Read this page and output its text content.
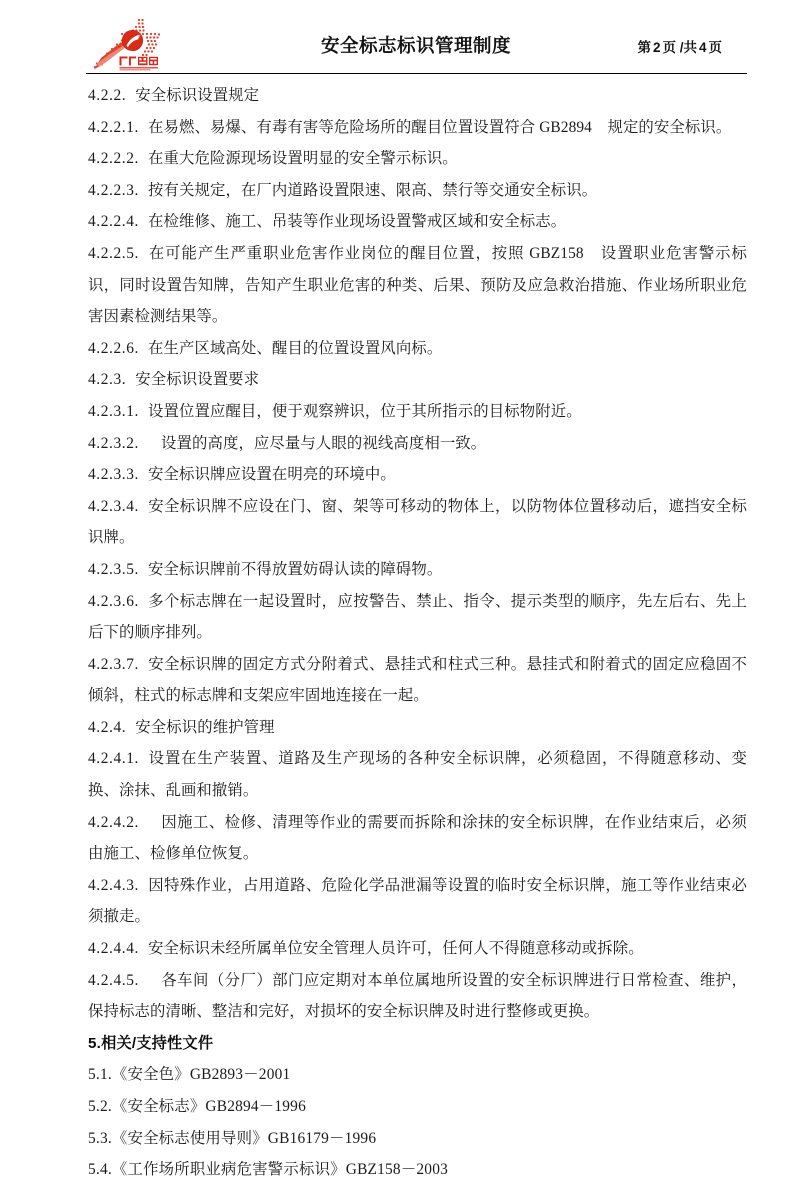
安全标志标识管理制度	第 2 页 /共 4 页

4.2.2. 安全标识设置规定

4.2.2.1. 在易燃、易爆、有毒有害等危险场所的醒目位置设置符合 GB2894　规定的安全标识。

4.2.2.2. 在重大危险源现场设置明显的安全警示标识。

4.2.2.3. 按有关规定，在厂内道路设置限速、限高、禁行等交通安全标识。

4.2.2.4. 在检维修、施工、吊装等作业现场设置警戒区域和安全标志。

4.2.2.5. 在可能产生严重职业危害作业岗位的醒目位置，按照 GBZ158　设置职业危害警示标识，同时设置告知牌，告知产生职业危害的种类、后果、预防及应急救治措施、作业场所职业危害因素检测结果等。

4.2.2.6. 在生产区域高处、醒目的位置设置风向标。

4.2.3. 安全标识设置要求

4.2.3.1. 设置位置应醒目，便于观察辨识，位于其所指示的目标物附近。

4.2.3.2. 设置的高度，应尽量与人眼的视线高度相一致。

4.2.3.3. 安全标识牌应设置在明亮的环境中。

4.2.3.4. 安全标识牌不应设在门、窗、架等可移动的物体上，以防物体位置移动后，遮挡安全标识牌。

4.2.3.5. 安全标识牌前不得放置妨碍认读的障碍物。

4.2.3.6. 多个标志牌在一起设置时，应按警告、禁止、指令、提示类型的顺序，先左后右、先上后下的顺序排列。

4.2.3.7. 安全标识牌的固定方式分附着式、悬挂式和柱式三种。悬挂式和附着式的固定应稳固不倾斜，柱式的标志牌和支架应牢固地连接在一起。

4.2.4. 安全标识的维护管理

4.2.4.1. 设置在生产装置、道路及生产现场的各种安全标识牌，必须稳固，不得随意移动、变换、涂抹、乱画和撤销。

4.2.4.2. 因施工、检修、清理等作业的需要而拆除和涂抹的安全标识牌，在作业结束后，必须由施工、检修单位恢复。

4.2.4.3. 因特殊作业，占用道路、危险化学品泄漏等设置的临时安全标识牌，施工等作业结束必须撤走。

4.2.4.4. 安全标识未经所属单位安全管理人员许可，任何人不得随意移动或拆除。

4.2.4.5. 各车间（分厂）部门应定期对本单位属地所设置的安全标识牌进行日常检查、维护，保持标志的清晰、整洁和完好，对损坏的安全标识牌及时进行整修或更换。

5.相关/支持性文件

5.1.《安全色》GB2893－2001

5.2.《安全标志》GB2894－1996

5.3.《安全标志使用导则》GB16179－1996

5.4.《工作场所职业病危害警示标识》GBZ158－2003
